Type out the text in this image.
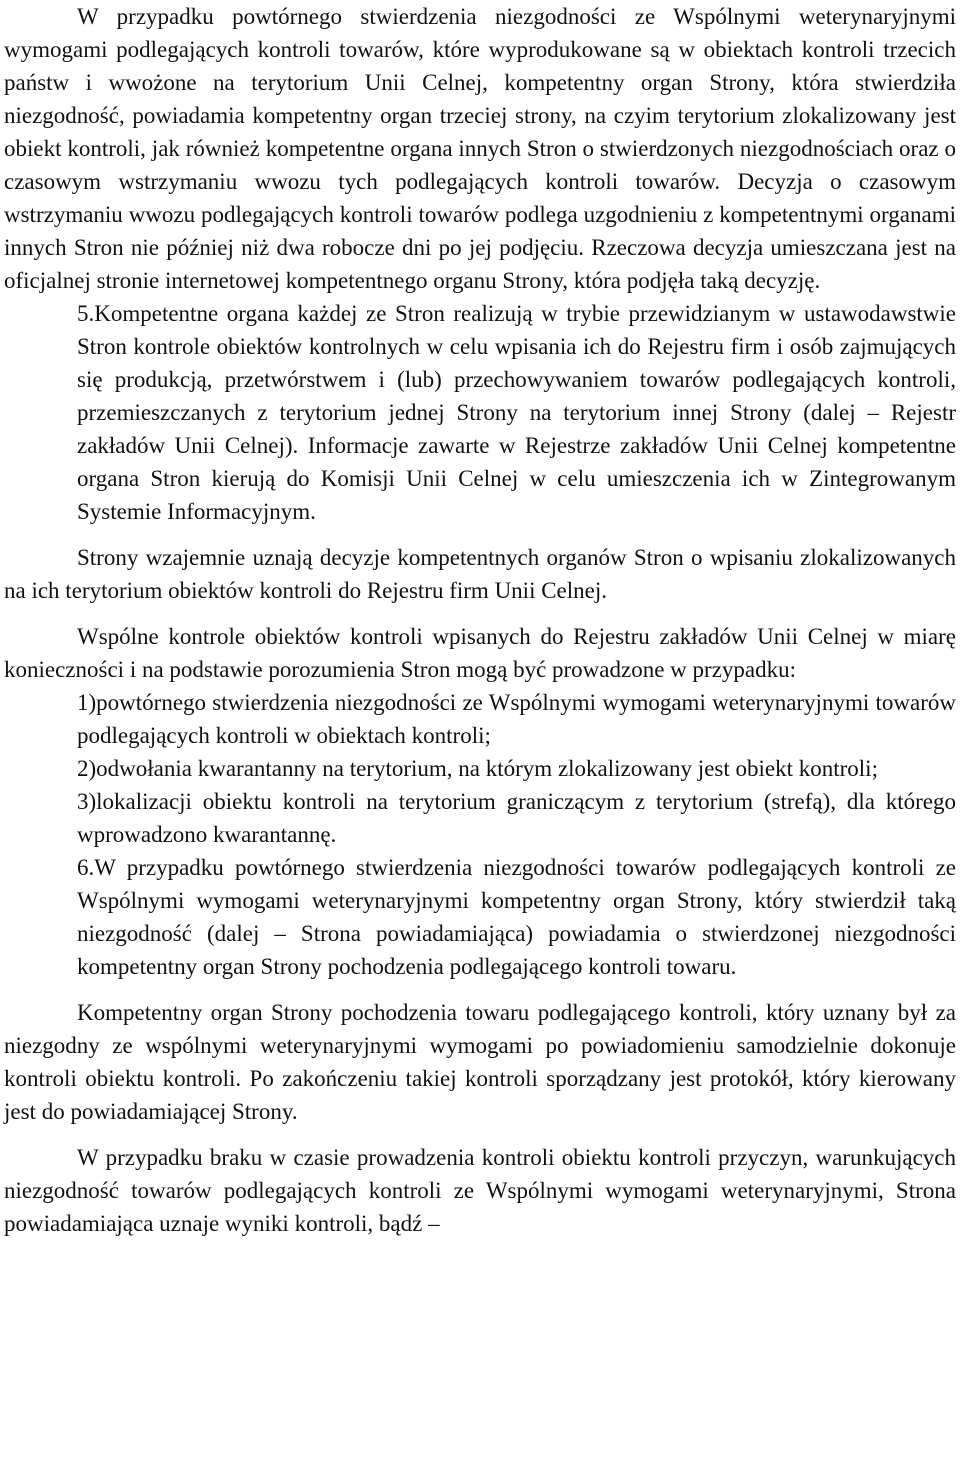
W przypadku powtórnego stwierdzenia niezgodności ze Wspólnymi weterynaryjnymi wymogami podlegających kontroli towarów, które wyprodukowane są w obiektach kontroli trzecich państw i wwożone na terytorium Unii Celnej, kompetentny organ Strony, która stwierdziła niezgodność, powiadamia kompetentny organ trzeciej strony, na czyim terytorium zlokalizowany jest obiekt kontroli, jak również kompetentne organa innych Stron o stwierdzonych niezgodnościach oraz o czasowym wstrzymaniu wwozu tych podlegających kontroli towarów. Decyzja o czasowym wstrzymaniu wwozu podlegających kontroli towarów podlega uzgodnieniu z kompetentnymi organami innych Stron nie później niż dwa robocze dni po jej podjęciu. Rzeczowa decyzja umieszczana jest na oficjalnej stronie internetowej kompetentnego organu Strony, która podjęła taką decyzję.

5.Kompetentne organa każdej ze Stron realizują w trybie przewidzianym w ustawodawstwie Stron kontrole obiektów kontrolnych w celu wpisania ich do Rejestru firm i osób zajmujących się produkcją, przetwórstwem i (lub) przechowywaniem towarów podlegających kontroli, przemieszczanych z terytorium jednej Strony na terytorium innej Strony (dalej – Rejestr zakładów Unii Celnej). Informacje zawarte w Rejestrze zakładów Unii Celnej kompetentne organa Stron kierują do Komisji Unii Celnej w celu umieszczenia ich w Zintegrowanym Systemie Informacyjnym.

Strony wzajemnie uznają decyzje kompetentnych organów Stron o wpisaniu zlokalizowanych na ich terytorium obiektów kontroli do Rejestru firm Unii Celnej.

Wspólne kontrole obiektów kontroli wpisanych do Rejestru zakładów Unii Celnej w miarę konieczności i na podstawie porozumienia Stron mogą być prowadzone w przypadku:

1)powtórnego stwierdzenia niezgodności ze Wspólnymi wymogami weterynaryjnymi towarów podlegających kontroli w obiektach kontroli;

2)odwołania kwarantanny na terytorium, na którym zlokalizowany jest obiekt kontroli;

3)lokalizacji obiektu kontroli na terytorium graniczącym z terytorium (strefą), dla którego wprowadzono kwarantannę.

6.W przypadku powtórnego stwierdzenia niezgodności towarów podlegających kontroli ze Wspólnymi wymogami weterynaryjnymi kompetentny organ Strony, który stwierdził taką niezgodność (dalej – Strona powiadamiająca) powiadamia o stwierdzonej niezgodności kompetentny organ Strony pochodzenia podlegającego kontroli towaru.

Kompetentny organ Strony pochodzenia towaru podlegającego kontroli, który uznany był za niezgodny ze wspólnymi weterynaryjnymi wymogami po powiadomieniu samodzielnie dokonuje kontroli obiektu kontroli. Po zakończeniu takiej kontroli sporządzany jest protokół, który kierowany jest do powiadamiającej Strony.

W przypadku braku w czasie prowadzenia kontroli obiektu kontroli przyczyn, warunkujących niezgodność towarów podlegających kontroli ze Wspólnymi wymogami weterynaryjnymi, Strona powiadamiająca uznaje wyniki kontroli, bądź –
